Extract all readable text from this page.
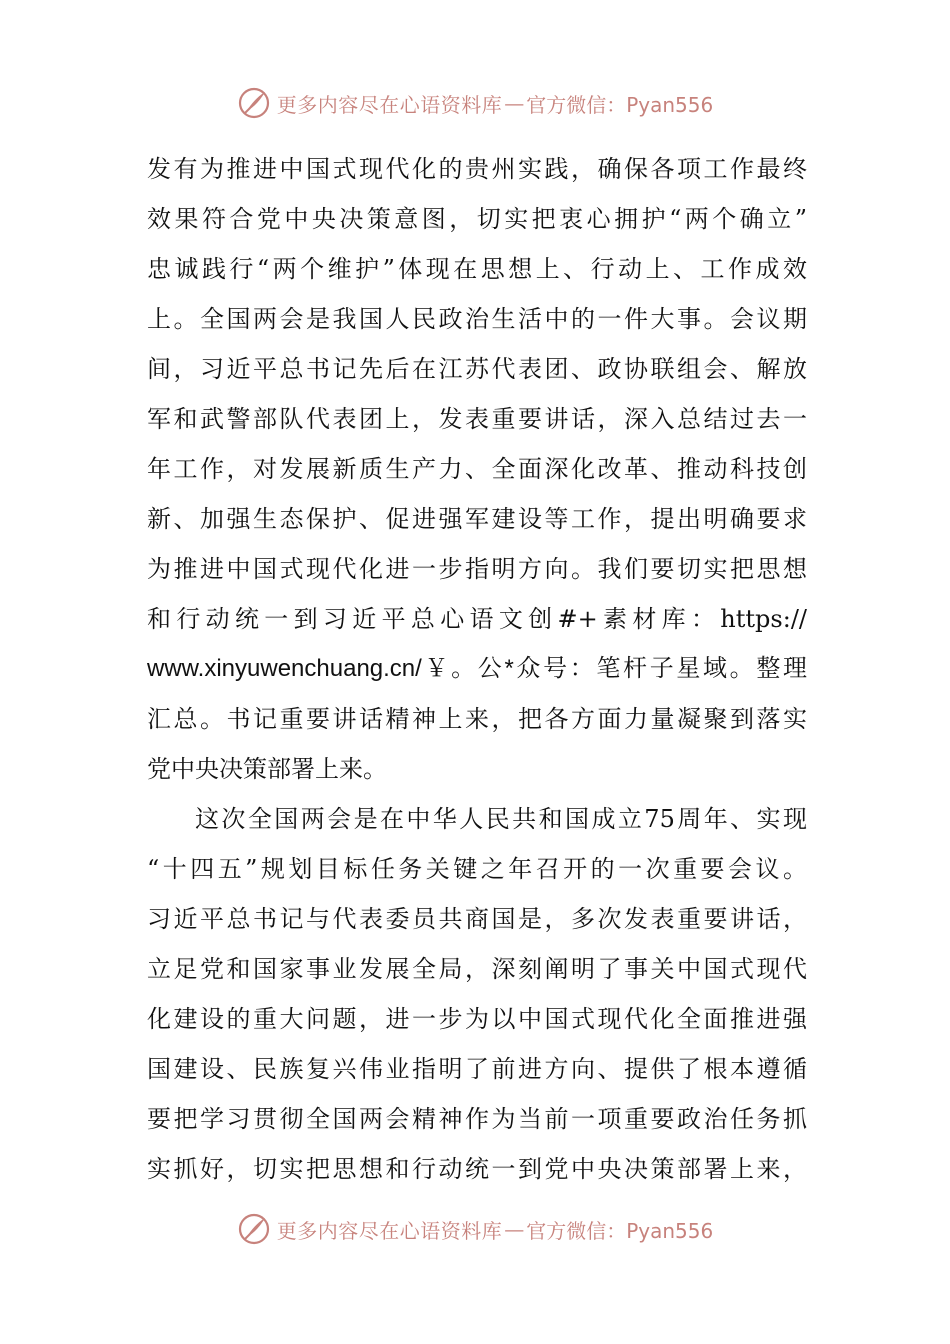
更多内容尽在心语资料库 — 官方微信：Pyan556

发有为推进中国式现代化的贵州实践，确保各项工作最终

效果符合党中央决策意图，切实把衷心拥护“两个确立”

忠诚践行“两个维护”体现在思想上、行动上、工作成效

上。全国两会是我国人民政治生活中的一件大事。会议期

间，习近平总书记先后在江苏代表团、政协联组会、解放

军和武警部队代表团上，发表重要讲话，深入总结过去一

年工作，对发展新质生产力、全面深化改革、推动科技创

新、加强生态保护、促进强军建设等工作，提出明确要求

为推进中国式现代化进一步指明方向。我们要切实把思想

和行动统一到习近平总心语文创#+素材库：https://

www.xinyuwenchuang.cn/￥。公*众号：笔杆子星域。整理

汇总。书记重要讲话精神上来，把各方面力量凝聚到落实

党中央决策部署上来。

这次全国两会是在中华人民共和国成立75周年、实现

“十四五”规划目标任务关键之年召开的一次重要会议。

习近平总书记与代表委员共商国是，多次发表重要讲话，

立足党和国家事业发展全局，深刻阐明了事关中国式现代

化建设的重大问题，进一步为以中国式现代化全面推进强

国建设、民族复兴伟业指明了前进方向、提供了根本遵循

要把学习贯彻全国两会精神作为当前一项重要政治任务抓

实抓好，切实把思想和行动统一到党中央决策部署上来，

更多内容尽在心语资料库 — 官方微信：Pyan556
